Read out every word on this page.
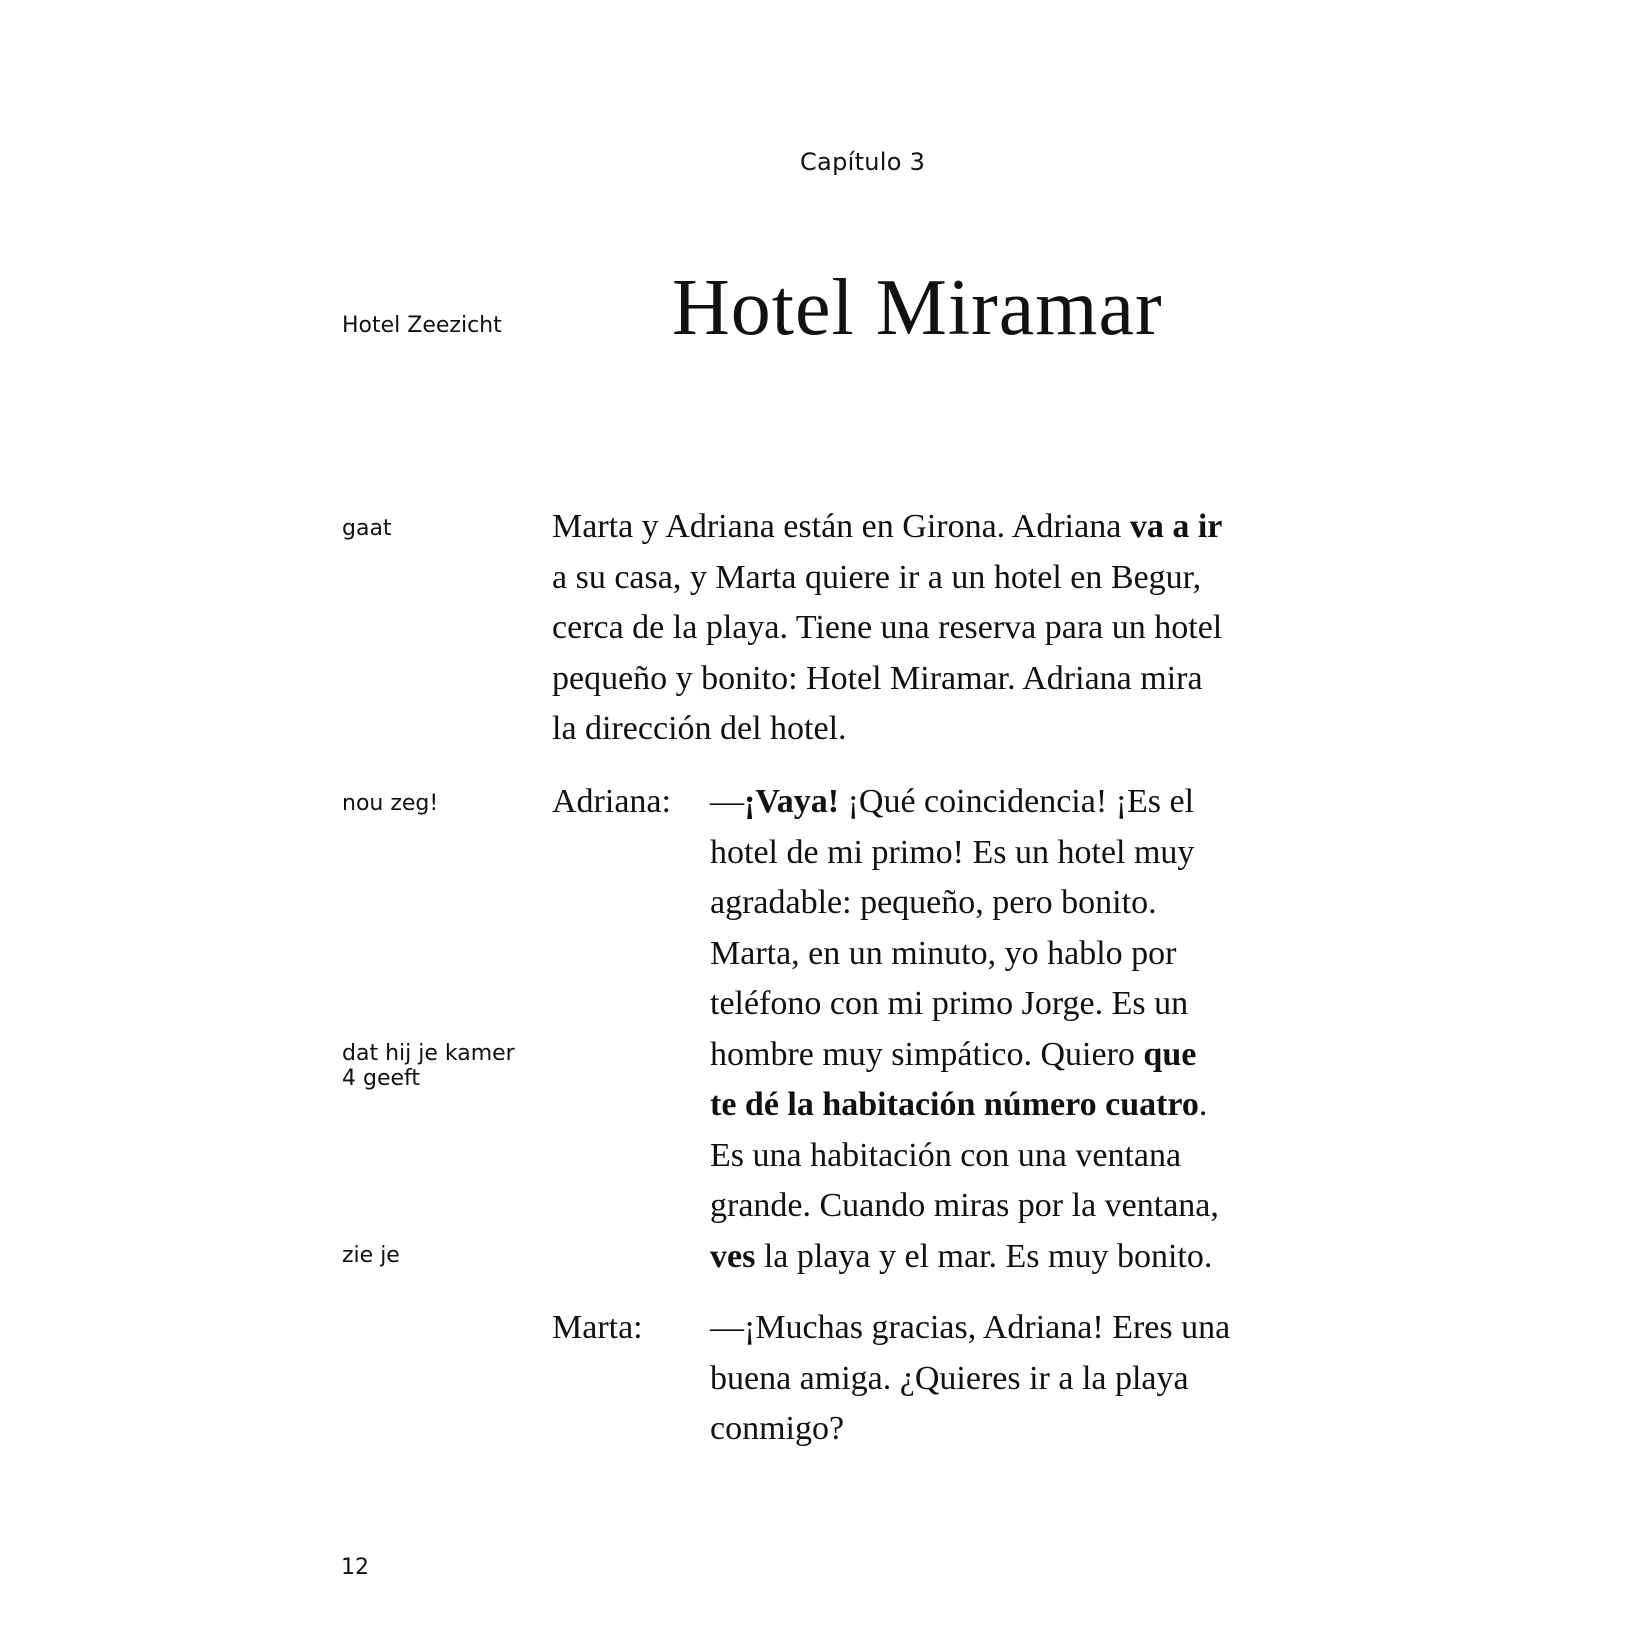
Capítulo 3
Hotel Miramar
Hotel Zeezicht
gaat
nou zeg!
dat hij je kamer
4 geeft
zie je
Marta y Adriana están en Girona. Adriana va a ir
a su casa, y Marta quiere ir a un hotel en Begur,
cerca de la playa. Tiene una reserva para un hotel
pequeño y bonito: Hotel Miramar. Adriana mira
la dirección del hotel.
Adriana: —¡Vaya! ¡Qué coincidencia! ¡Es el
hotel de mi primo! Es un hotel muy
agradable: pequeño, pero bonito.
Marta, en un minuto, yo hablo por
teléfono con mi primo Jorge. Es un
hombre muy simpático. Quiero que
te dé la habitación número cuatro.
Es una habitación con una ventana
grande. Cuando miras por la ventana,
ves la playa y el mar. Es muy bonito.
Marta: —¡Muchas gracias, Adriana! Eres una
buena amiga. ¿Quieres ir a la playa
conmigo?
12
